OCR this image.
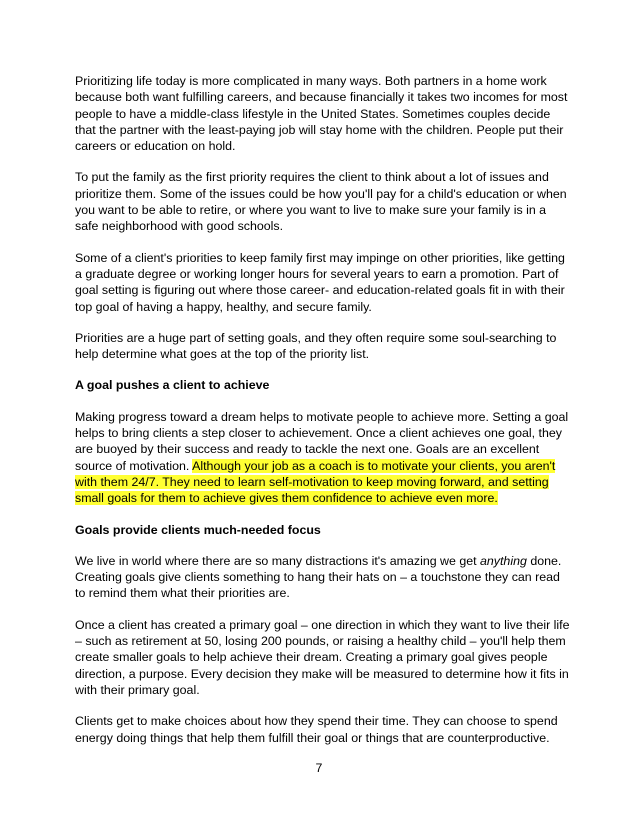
Prioritizing life today is more complicated in many ways. Both partners in a home work because both want fulfilling careers, and because financially it takes two incomes for most people to have a middle-class lifestyle in the United States. Sometimes couples decide that the partner with the least-paying job will stay home with the children. People put their careers or education on hold.

To put the family as the first priority requires the client to think about a lot of issues and prioritize them. Some of the issues could be how you'll pay for a child's education or when you want to be able to retire, or where you want to live to make sure your family is in a safe neighborhood with good schools.

Some of a client's priorities to keep family first may impinge on other priorities, like getting a graduate degree or working longer hours for several years to earn a promotion. Part of goal setting is figuring out where those career- and education-related goals fit in with their top goal of having a happy, healthy, and secure family.

Priorities are a huge part of setting goals, and they often require some soul-searching to help determine what goes at the top of the priority list.

A goal pushes a client to achieve

Making progress toward a dream helps to motivate people to achieve more. Setting a goal helps to bring clients a step closer to achievement. Once a client achieves one goal, they are buoyed by their success and ready to tackle the next one. Goals are an excellent source of motivation. Although your job as a coach is to motivate your clients, you aren't with them 24/7. They need to learn self-motivation to keep moving forward, and setting small goals for them to achieve gives them confidence to achieve even more.

Goals provide clients much-needed focus

We live in world where there are so many distractions it's amazing we get anything done. Creating goals give clients something to hang their hats on – a touchstone they can read to remind them what their priorities are.

Once a client has created a primary goal – one direction in which they want to live their life – such as retirement at 50, losing 200 pounds, or raising a healthy child – you'll help them create smaller goals to help achieve their dream. Creating a primary goal gives people direction, a purpose. Every decision they make will be measured to determine how it fits in with their primary goal.

Clients get to make choices about how they spend their time. They can choose to spend energy doing things that help them fulfill their goal or things that are counterproductive.

7
